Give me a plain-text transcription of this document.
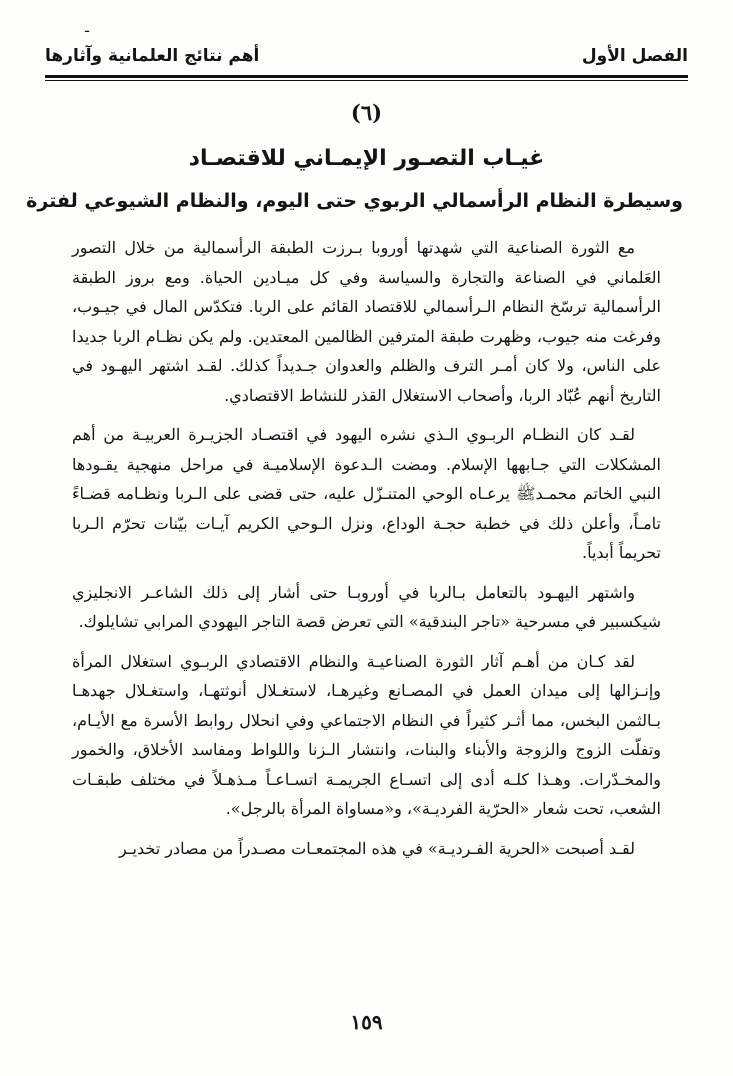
ـ
أهم نتائج العلمانية وآثارها	الفصل الأول
(٦)
غيـاب التصـور الإيمـاني للاقتصـاد
وسيطرة النظام الرأسمالي الربوي حتى اليوم، والنظام الشيوعي لفترة

مع الثورة الصناعية التي شهدتها أوروبا بـرزت الطبقة الرأسمالية من خلال التصور العَلماني في الصناعة والتجارة والسياسة وفي كل ميـادين الحياة. ومع بروز الطبقة الرأسمالية ترسّخ النظام الـرأسمالي للاقتصاد القائم على الربا. فتكدّس المال في جيـوب، وفرغت منه جيوب، وظهرت طبقة المترفين الظالمين المعتدين. ولم يكن نظـام الربا جديدا على الناس، ولا كان أمـر الترف والظلم والعدوان جـديداً كذلك. لقـد اشتهر اليهـود في التاريخ أنهم عُبّاد الربا، وأصحاب الاستغلال القذر للنشاط الاقتصادي.

لقـد كان النظـام الربـوي الـذي نشره اليهود في اقتصـاد الجزيـرة العربيـة من أهم المشكلات التي جـابهها الإسلام. ومضت الـدعوة الإسلاميـة في مراحل منهجية يقـودها النبي الخاتم محمـدﷺ يرعـاه الوحي المتنـزّل عليه، حتى قضى على الـربا ونظـامه قضـاءً تامـاً، وأعلن ذلك في خطبة حجـة الوداع، ونزل الـوحي الكريم آيـات بيّنات تحرّم الـربا تحريماً أبدياً.

واشتهر اليهـود بالتعامل بـالربا في أوروبـا حتى أشار إلى ذلك الشاعـر الانجليزي شيكسبير في مسرحية «تاجر البندقية» التي تعرض قصة التاجر اليهودي المرابي تشايلوك.

لقد كـان من أهـم آثار الثورة الصناعيـة والنظام الاقتصادي الربـوي استغلال المرأة وإنـزالها إلى ميدان العمل في المصـانع وغيرهـا، لاستغـلال أنوثتهـا، واستغـلال جهدهـا بـالثمن البخس، مما أثـر كثيراً في النظام الاجتماعي وفي انحلال روابط الأسرة مع الأيـام، وتفلّت الزوج والزوجة والأبناء والبنات، وانتشار الـزنا واللواط ومفاسد الأخلاق، والخمور والمخـدّرات. وهـذا كلـه أدى إلى اتسـاع الجريمـة اتسـاعـاً مـذهـلاً في مختلف طبقـات الشعب، تحت شعار «الحرّية الفرديـة»، و«مساواة المرأة بالرجل».

لقـد أصبحت «الحرية الفـرديـة» في هذه المجتمعـات مصـدراً من مصادر تخديـر

١٥٩
